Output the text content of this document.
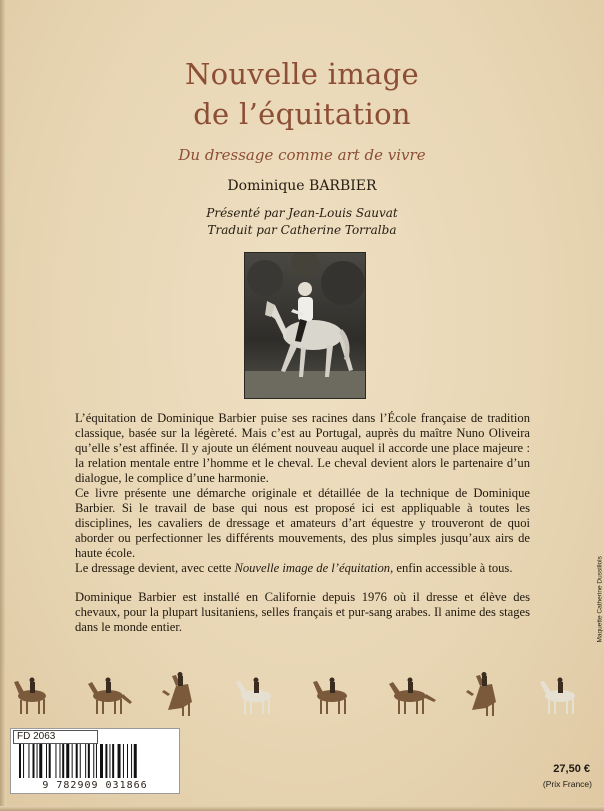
Nouvelle image
de l’équitation
Du dressage comme art de vivre
Dominique BARBIER
Présenté par Jean-Louis Sauvat
Traduit par Catherine Torralba

L’équitation de Dominique Barbier puise ses racines dans l’École française de tradition classique, basée sur la légèreté. Mais c’est au Portugal, auprès du maître Nuno Oliveira qu’elle s’est affinée. Il y ajoute un élément nouveau auquel il accorde une place majeure : la relation mentale entre l’homme et le cheval. Le cheval devient alors le partenaire d’un dialogue, le complice d’une harmonie.

Ce livre présente une démarche originale et détaillée de la technique de Dominique Barbier. Si le travail de base qui nous est proposé ici est appliquable à toutes les disciplines, les cavaliers de dressage et amateurs d’art équestre y trouveront de quoi aborder ou perfectionner les différents mouvements, des plus simples jusqu’aux airs de haute école.

Le dressage devient, avec cette Nouvelle image de l’équitation, enfin accessible à tous.

Dominique Barbier est installé en Californie depuis 1976 où il dresse et élève des chevaux, pour la plupart lusitaniens, selles français et pur-sang arabes. Il anime des stages dans le monde entier.	Maquette Catherine Dussillols
FD 2063
9 782909 031866
27,50 €
(Prix France)
